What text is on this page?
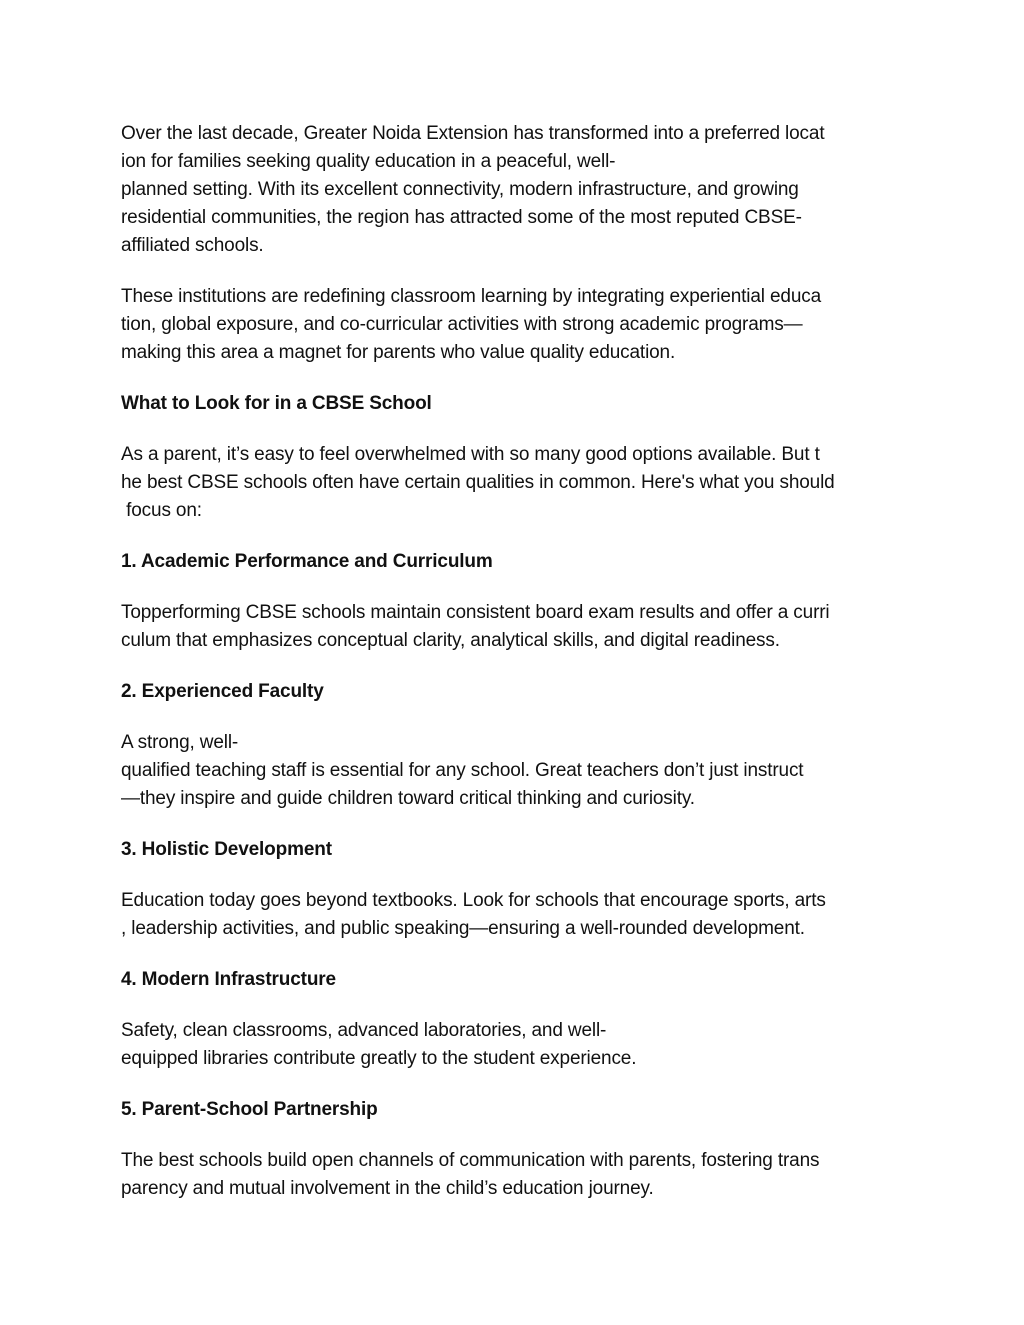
Over the last decade, Greater Noida Extension has transformed into a preferred locat
ion for families seeking quality education in a peaceful, well-
planned setting. With its excellent connectivity, modern infrastructure, and growing
residential communities, the region has attracted some of the most reputed CBSE-
affiliated schools.

These institutions are redefining classroom learning by integrating experiential educa
tion, global exposure, and co-curricular activities with strong academic programs—
making this area a magnet for parents who value quality education.

What to Look for in a CBSE School

As a parent, it’s easy to feel overwhelmed with so many good options available. But t
he best CBSE schools often have certain qualities in common. Here's what you should
focus on:

1. Academic Performance and Curriculum

Topperforming CBSE schools maintain consistent board exam results and offer a curri
culum that emphasizes conceptual clarity, analytical skills, and digital readiness.

2. Experienced Faculty

A strong, well-
qualified teaching staff is essential for any school. Great teachers don’t just instruct
—they inspire and guide children toward critical thinking and curiosity.

3. Holistic Development

Education today goes beyond textbooks. Look for schools that encourage sports, arts
, leadership activities, and public speaking—ensuring a well-rounded development.

4. Modern Infrastructure

Safety, clean classrooms, advanced laboratories, and well-
equipped libraries contribute greatly to the student experience.

5. Parent-School Partnership

The best schools build open channels of communication with parents, fostering trans
parency and mutual involvement in the child’s education journey.
